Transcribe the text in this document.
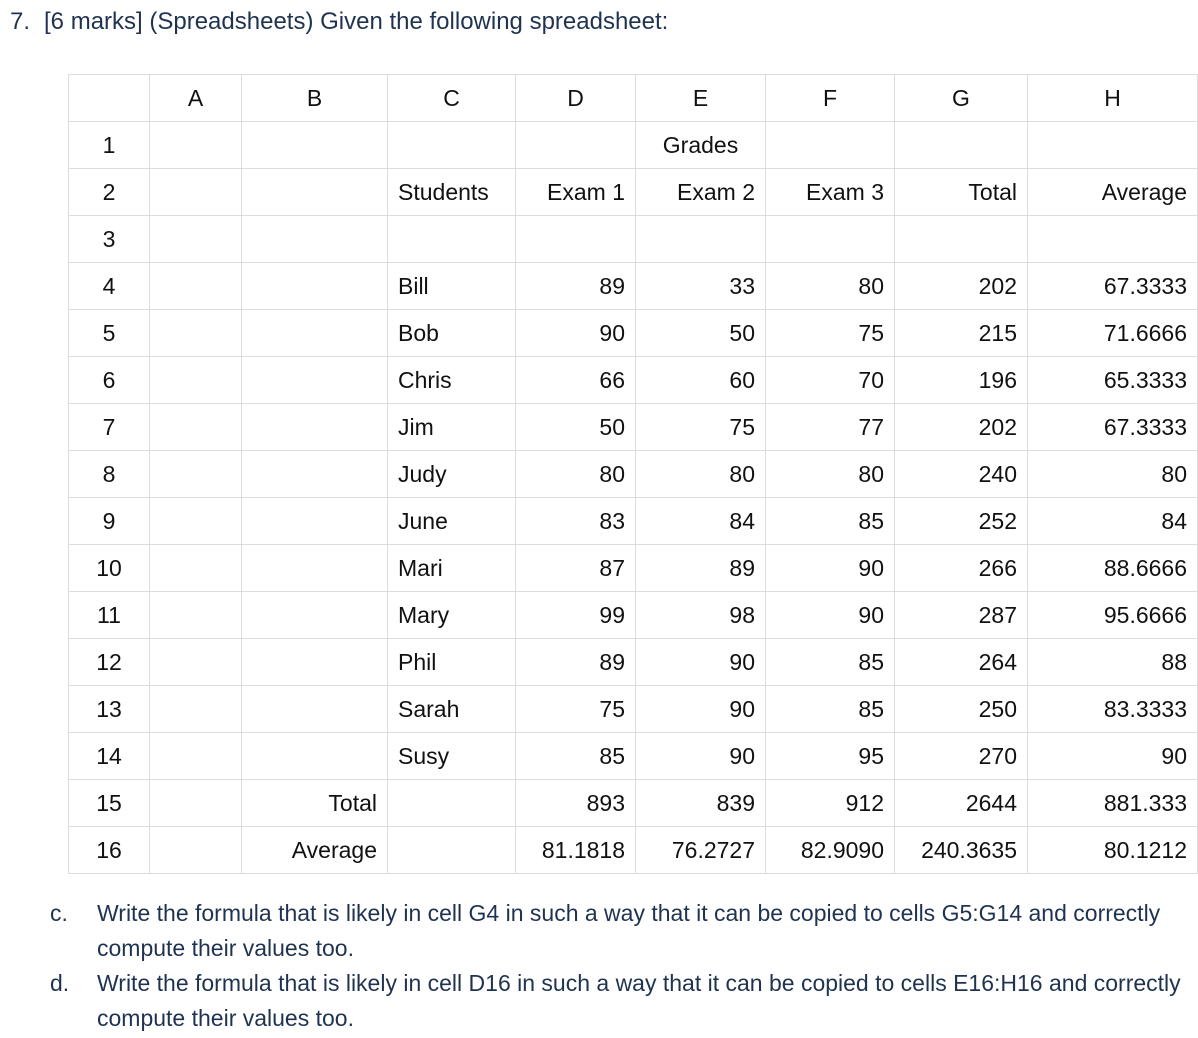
7. [6 marks] (Spreadsheets) Given the following spreadsheet:
	A	B	C	D	E	F	G	H
1					Grades			
2			Students	Exam 1	Exam 2	Exam 3	Total	Average
3								
4			Bill	89	33	80	202	67.3333
5			Bob	90	50	75	215	71.6666
6			Chris	66	60	70	196	65.3333
7			Jim	50	75	77	202	67.3333
8			Judy	80	80	80	240	80
9			June	83	84	85	252	84
10			Mari	87	89	90	266	88.6666
11			Mary	99	98	90	287	95.6666
12			Phil	89	90	85	264	88
13			Sarah	75	90	85	250	83.3333
14			Susy	85	90	95	270	90
15		Total		893	839	912	2644	881.333
16		Average		81.1818	76.2727	82.9090	240.3635	80.1212
c.	Write the formula that is likely in cell G4 in such a way that it can be copied to cells G5:G14 and correctly compute their values too.
d.	Write the formula that is likely in cell D16 in such a way that it can be copied to cells E16:H16 and correctly compute their values too.
